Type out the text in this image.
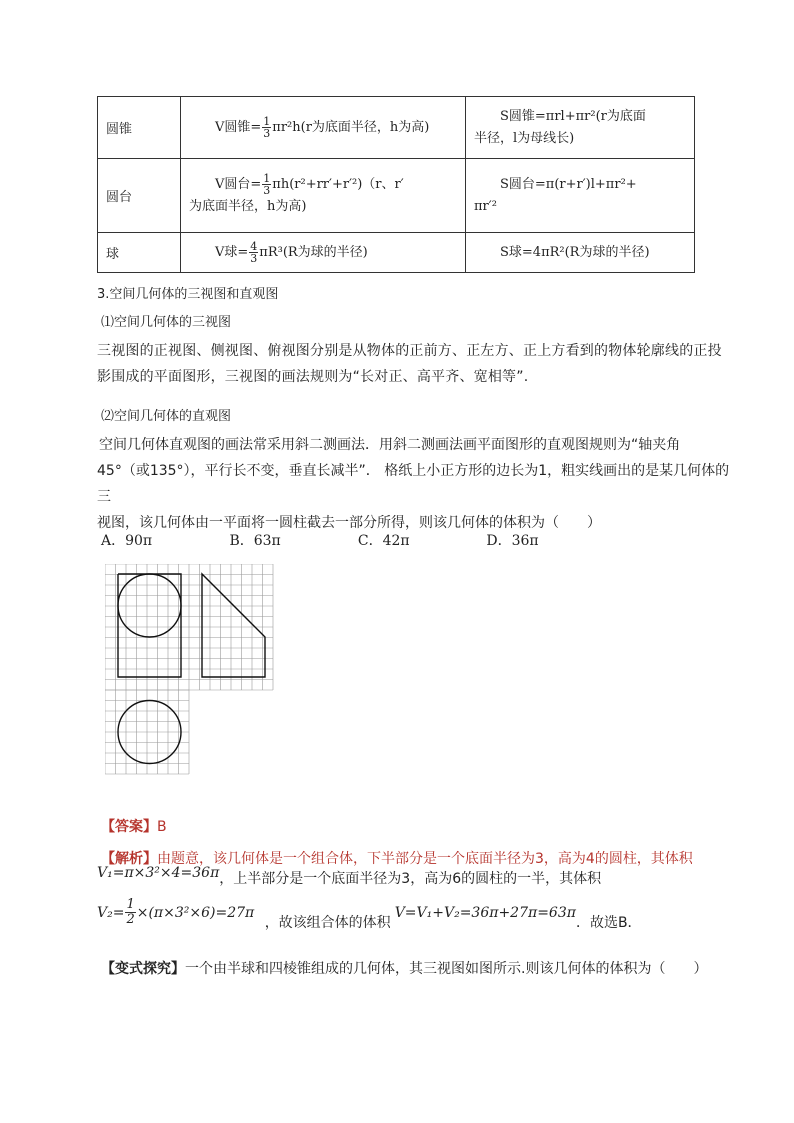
圆锥	V圆锥= $\frac{1}{3} \pi r^2h(r$为底面半径，h为高)	S圆锥=πrl+πr²(r为底面
半径，l为母线长)

圆台	V圆台= $\frac{1}{3} \pi h(r^2+rr'+r'^2)(r$、r′
为底面半径，h为高)	S圆台=π(r+r′)l+πr²+
πr′²

球	V球= $\frac{4}{3} \pi R^3(R$为球的半径)	S球=4πR²(R为球的半径)
3.空间几何体的三视图和直观图
⑴空间几何体的三视图
三视图的正视图、侧视图、俯视图分别是从物体的正前方、正左方、正上方看到的物体轮廓线的正投
影围成的平面图形，三视图的画法规则为“长对正、高平齐、宽相等”.
⑵空间几何体的直观图
空间几何体直观图的画法常采用斜二测画法．用斜二测画法画平面图形的直观图规则为“轴夹角
45°（或135°），平行长不变，垂直长减半”． 格纸上小正方形的边长为1，粗实线画出的是某几何体的三
视图，该几何体由一平面将一圆柱截去一部分所得，则该几何体的体积为（　　）
A．90π	B．63π	C．42π	D．36π
【答案】B
【解析】由题意，该几何体是一个组合体，下半部分是一个底面半径为3，高为4的圆柱，其体积
V₁=π×3²×4=36π，上半部分是一个底面半径为3，高为6的圆柱的一半，其体积
$V_2= \frac{1}{2} \times(\pi\times 3^2\times 6)=27\pi$ ，故该组合体的体积V=V₁+V₂=36π+27π=63π．故选B．
【变式探究】一个由半球和四棱锥组成的几何体，其三视图如图所示.则该几何体的体积为（　　）
